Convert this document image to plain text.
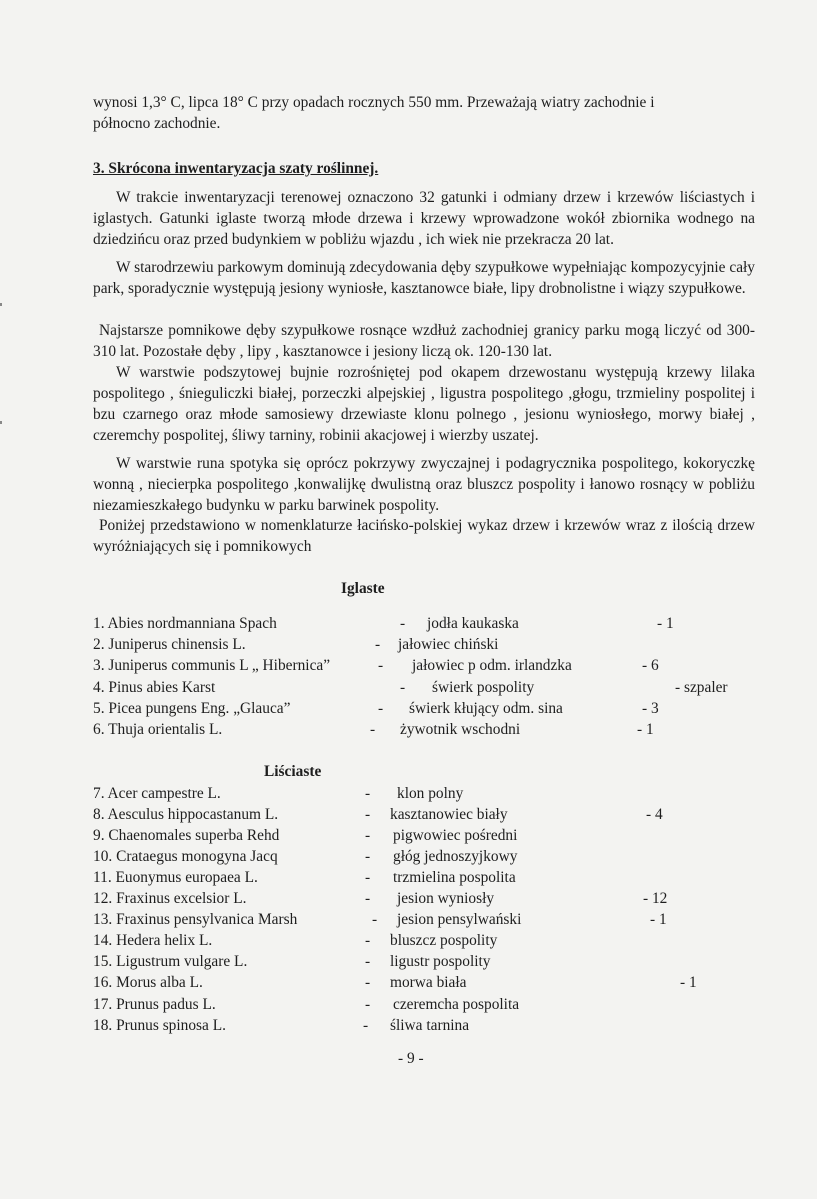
wynosi 1,3° C, lipca 18° C przy opadach rocznych 550 mm. Przeważają wiatry zachodnie i

północno zachodnie.

3. Skrócona inwentaryzacja szaty roślinnej.

W trakcie inwentaryzacji terenowej oznaczono 32 gatunki i odmiany drzew i krzewów liściastych i iglastych. Gatunki iglaste tworzą młode drzewa i krzewy wprowadzone wokół zbiornika wodnego na dziedzińcu oraz przed budynkiem w pobliżu wjazdu , ich wiek nie przekracza 20 lat.

W starodrzewiu parkowym dominują zdecydowania dęby szypułkowe wypełniając kompozycyjnie cały park, sporadycznie występują jesiony wyniosłe, kasztanowce białe, lipy drobnolistne i wiązy szypułkowe.

Najstarsze pomnikowe dęby szypułkowe rosnące wzdłuż zachodniej granicy parku mogą liczyć od 300- 310 lat. Pozostałe dęby , lipy , kasztanowce i jesiony liczą ok. 120-130 lat.

W warstwie podszytowej bujnie rozrośniętej pod okapem drzewostanu występują krzewy lilaka pospolitego , śnieguliczki białej, porzeczki alpejskiej , ligustra pospolitego ,głogu, trzmieliny pospolitej i bzu czarnego oraz młode samosiewy drzewiaste klonu polnego , jesionu wyniosłego, morwy białej , czeremchy pospolitej, śliwy tarniny, robinii akacjowej i wierzby uszatej.

W warstwie runa spotyka się oprócz pokrzywy zwyczajnej i podagrycznika pospolitego, kokoryczkę wonną , niecierpka pospolitego ,konwalijkę dwulistną oraz bluszcz pospolity i łanowo rosnący w pobliżu niezamieszkałego budynku w parku barwinek pospolity.

Poniżej przedstawiono w nomenklaturze łacińsko-polskiej wykaz drzew i krzewów wraz z ilością drzew wyróżniających się i pomnikowych

Iglaste

1. Abies nordmanniana Spach	- jodła kaukaska	- 1
2. Juniperus chinensis L.	- jałowiec chiński
3. Juniperus communis L „ Hibernica”	- jałowiec p odm. irlandzka	- 6
4. Pinus abies Karst	- świerk pospolity	- szpaler
5. Picea pungens Eng. „Glauca”	- świerk kłujący odm. sina	- 3
6. Thuja orientalis L.	- żywotnik wschodni	- 1

Liściaste

7. Acer campestre L.	- klon polny
8. Aesculus hippocastanum L.	- kasztanowiec biały	- 4
9. Chaenomales superba Rehd	- pigwowiec pośredni
10. Crataegus monogyna Jacq	- głóg jednoszyjkowy
11. Euonymus europaea L.	- trzmielina pospolita
12. Fraxinus excelsior L.	- jesion wyniosły	- 12
13. Fraxinus pensylvanica Marsh	- jesion pensylwański	- 1
14. Hedera helix L.	- bluszcz pospolity
15. Ligustrum vulgare L.	- ligustr pospolity
16. Morus alba L.	- morwa biała	- 1
17. Prunus padus L.	- czeremcha pospolita
18. Prunus spinosa L.	- śliwa tarnina
- 9 -
